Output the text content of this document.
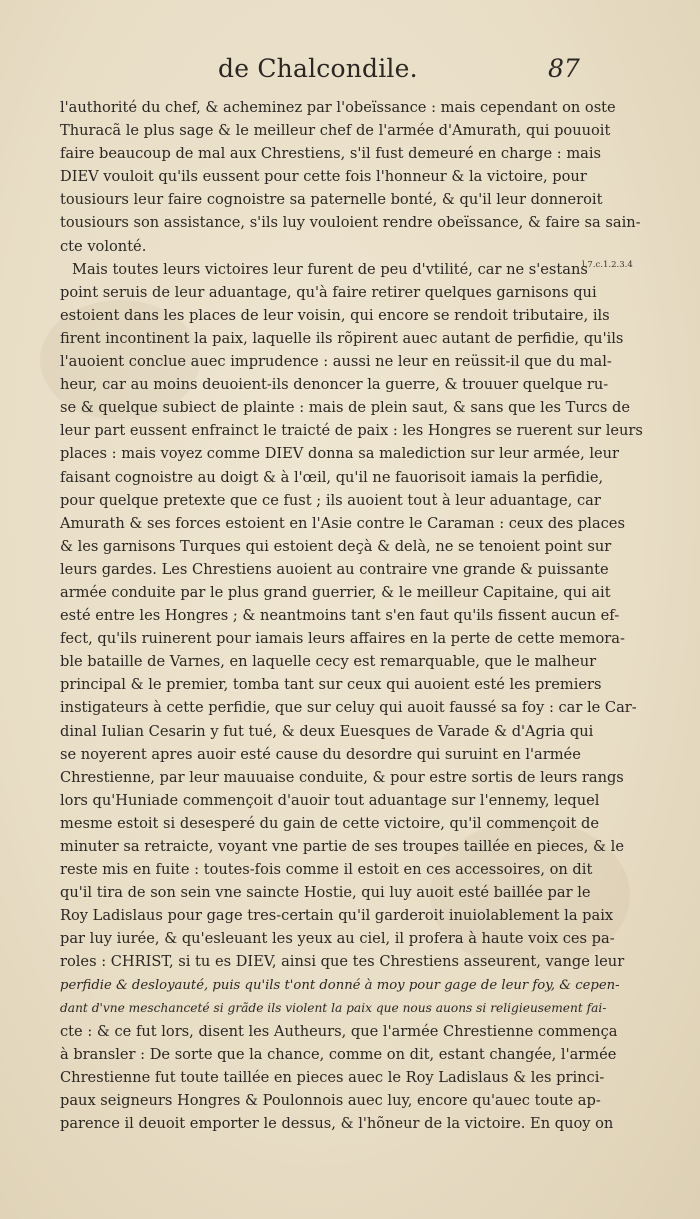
de Chalcondile.	87
l.7.c.1.2.3.4
l'authorité du chef, & acheminez par l'obeïssance : mais cependant on oste
Thuracã le plus sage & le meilleur chef de l'armée d'Amurath, qui pouuoit
faire beaucoup de mal aux Chrestiens, s'il fust demeuré en charge : mais
DIEV vouloit qu'ils eussent pour cette fois l'honneur & la victoire, pour
tousiours leur faire cognoistre sa paternelle bonté, & qu'il leur donneroit
tousiours son assistance, s'ils luy vouloient rendre obeïssance, & faire sa sain-
cte volonté.
Mais toutes leurs victoires leur furent de peu d'vtilité, car ne s'estans
point seruis de leur aduantage, qu'à faire retirer quelques garnisons qui
estoient dans les places de leur voisin, qui encore se rendoit tributaire, ils
firent incontinent la paix, laquelle ils rõpirent auec autant de perfidie, qu'ils
l'auoient conclue auec imprudence : aussi ne leur en reüssit-il que du mal-
heur, car au moins deuoient-ils denoncer la guerre, & trouuer quelque ru-
se & quelque subiect de plainte : mais de plein saut, & sans que les Turcs de
leur part eussent enfrainct le traicté de paix : les Hongres se ruerent sur leurs
places : mais voyez comme DIEV donna sa malediction sur leur armée, leur
faisant cognoistre au doigt & à l'œil, qu'il ne fauorisoit iamais la perfidie,
pour quelque pretexte que ce fust ; ils auoient tout à leur aduantage, car
Amurath & ses forces estoient en l'Asie contre le Caraman : ceux des places
& les garnisons Turques qui estoient deçà & delà, ne se tenoient point sur
leurs gardes. Les Chrestiens auoient au contraire vne grande & puissante
armée conduite par le plus grand guerrier, & le meilleur Capitaine, qui ait
esté entre les Hongres ; & neantmoins tant s'en faut qu'ils fissent aucun ef-
fect, qu'ils ruinerent pour iamais leurs affaires en la perte de cette memora-
ble bataille de Varnes, en laquelle cecy est remarquable, que le malheur
principal & le premier, tomba tant sur ceux qui auoient esté les premiers
instigateurs à cette perfidie, que sur celuy qui auoit faussé sa foy : car le Car-
dinal Iulian Cesarin y fut tué, & deux Euesques de Varade & d'Agria qui
se noyerent apres auoir esté cause du desordre qui suruint en l'armée
Chrestienne, par leur mauuaise conduite, & pour estre sortis de leurs rangs
lors qu'Huniade commençoit d'auoir tout aduantage sur l'ennemy, lequel
mesme estoit si desesperé du gain de cette victoire, qu'il commençoit de
minuter sa retraicte, voyant vne partie de ses troupes taillée en pieces, & le
reste mis en fuite : toutes-fois comme il estoit en ces accessoires, on dit
qu'il tira de son sein vne saincte Hostie, qui luy auoit esté baillée par le
Roy Ladislaus pour gage tres-certain qu'il garderoit inuiolablement la paix
par luy iurée, & qu'esleuant les yeux au ciel, il profera à haute voix ces pa-
roles : CHRIST, si tu es DIEV, ainsi que tes Chrestiens asseurent, vange leur
perfidie & desloyauté, puis qu'ils t'ont donné à moy pour gage de leur foy, & cepen-
dant d'vne meschanceté si grãde ils violent la paix que nous auons si religieusement fai-
cte : & ce fut lors, disent les Autheurs, que l'armée Chrestienne commença
à bransler : De sorte que la chance, comme on dit, estant changée, l'armée
Chrestienne fut toute taillée en pieces auec le Roy Ladislaus & les princi-
paux seigneurs Hongres & Poulonnois auec luy, encore qu'auec toute ap-
parence il deuoit emporter le dessus, & l'hõneur de la victoire. En quoy on
